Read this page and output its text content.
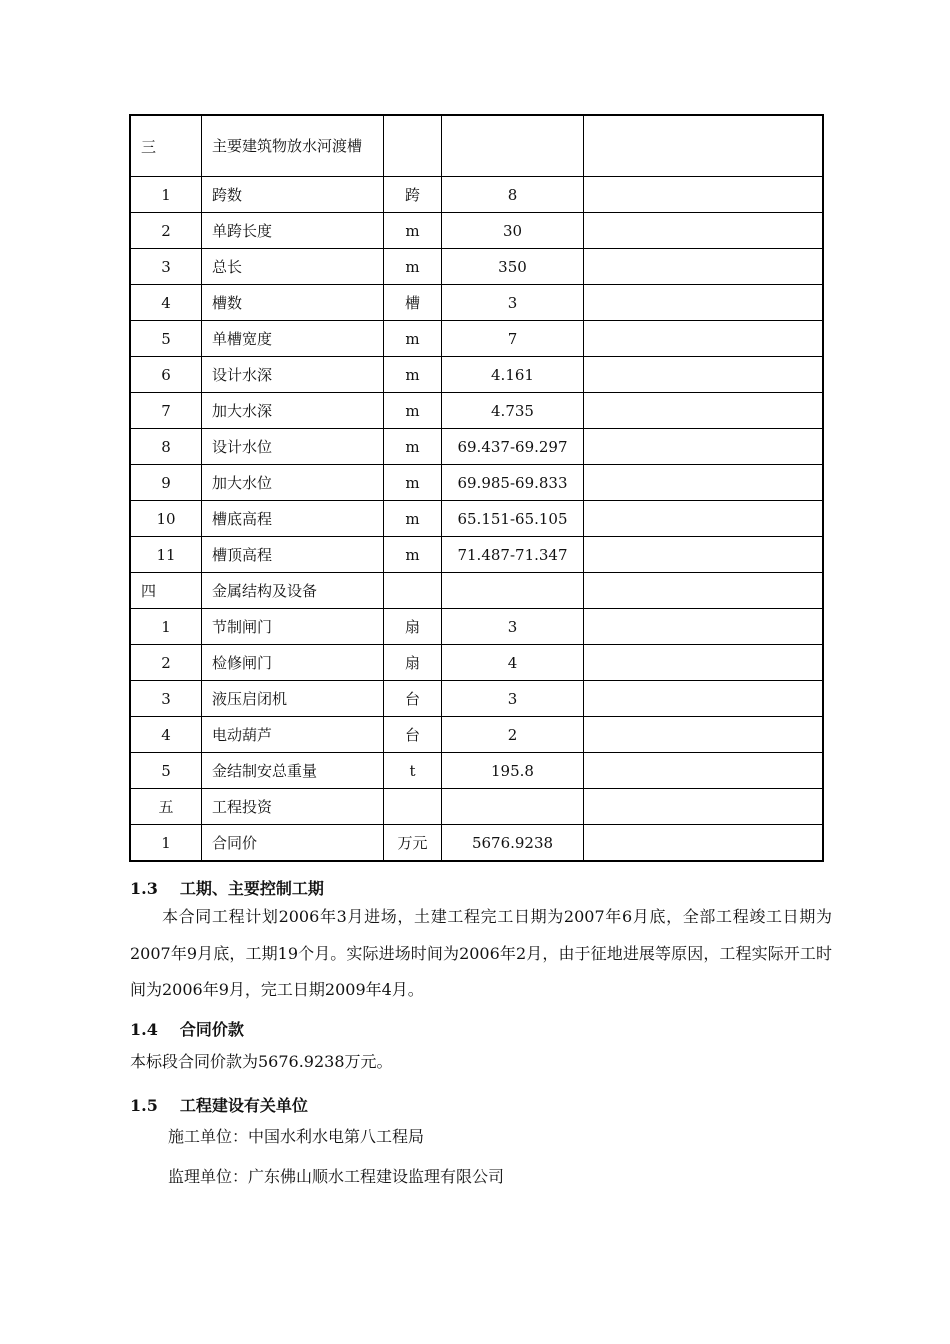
三	主要建筑物放水河渡槽			
1	跨数	跨	8	
2	单跨长度	m	30	
3	总长	m	350	
4	槽数	槽	3	
5	单槽宽度	m	7	
6	设计水深	m	4.161	
7	加大水深	m	4.735	
8	设计水位	m	69.437-69.297	
9	加大水位	m	69.985-69.833	
10	槽底高程	m	65.151-65.105	
11	槽顶高程	m	71.487-71.347	
四	金属结构及设备			
1	节制闸门	扇	3	
2	检修闸门	扇	4	
3	液压启闭机	台	3	
4	电动葫芦	台	2	
5	金结制安总重量	t	195.8	
五	工程投资			
1	合同价	万元	5676.9238	
1.3 工期、主要控制工期
本合同工程计划2006年3月进场，土建工程完工日期为2007年6月底，全部工程竣工日期为2007年9月底，工期19个月。实际进场时间为2006年2月，由于征地进展等原因，工程实际开工时间为2006年9月，完工日期2009年4月。
1.4 合同价款
本标段合同价款为5676.9238万元。
1.5 工程建设有关单位
施工单位：中国水利水电第八工程局
监理单位：广东佛山顺水工程建设监理有限公司
